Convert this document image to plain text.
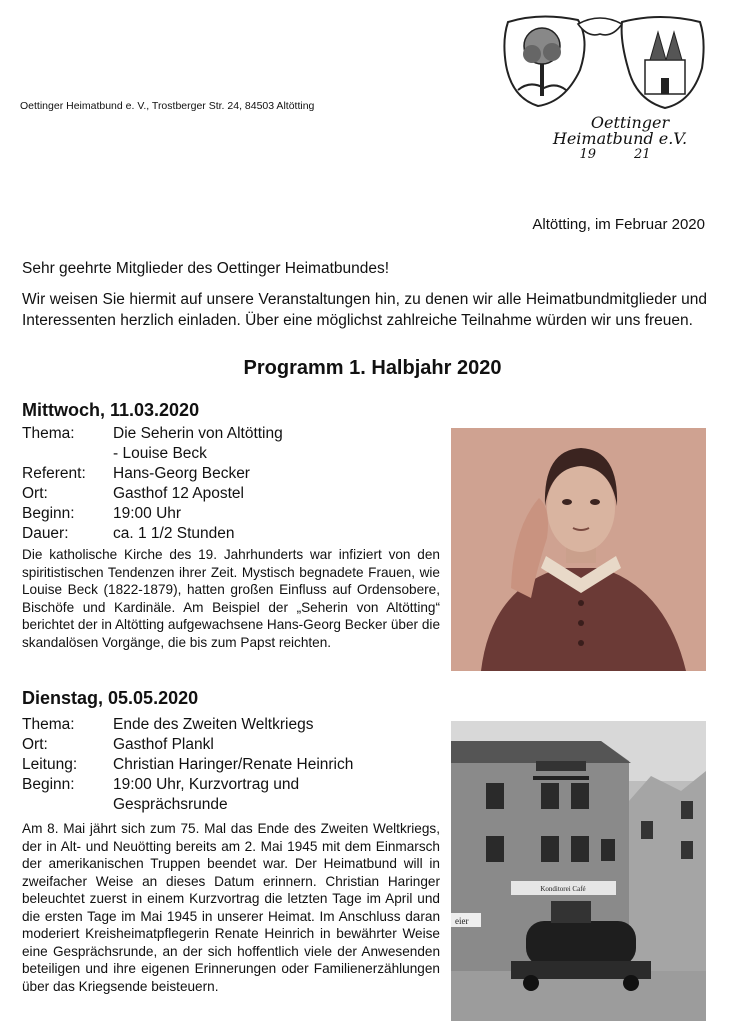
Oettinger Heimatbund e. V., Trostberger Str. 24, 84503 Altötting
Oettinger
Heimatbund e.V.
19	21
Altötting, im Februar 2020
Sehr geehrte Mitglieder des Oettinger Heimatbundes!
Wir weisen Sie hiermit auf unsere Veranstaltungen hin, zu denen wir alle Heimatbundmitglieder und Interessenten herzlich einladen. Über eine möglichst zahlreiche Teilnahme würden wir uns freuen.
Programm 1. Halbjahr 2020
Mittwoch, 11.03.2020
Thema:	Die Seherin von Altötting
	- Louise Beck
Referent:	Hans-Georg Becker
Ort:	Gasthof 12 Apostel
Beginn:	19:00 Uhr
Dauer:	ca. 1 1/2 Stunden
Die katholische Kirche des 19. Jahrhunderts war infiziert von den spiritistischen Tendenzen ihrer Zeit. Mystisch begnadete Frauen, wie Louise Beck (1822-1879), hatten großen Einfluss auf Ordensobere, Bischöfe und Kardinäle. Am Beispiel der „Seherin von Altötting“ berichtet der in Altötting aufgewachsene Hans-Georg Becker über die skandalösen Vorgänge, die bis zum Papst reichten.
Dienstag, 05.05.2020
Thema:	Ende des Zweiten Weltkriegs
Ort:	Gasthof Plankl
Leitung:	Christian Haringer/Renate Heinrich
Beginn:	19:00 Uhr, Kurzvortrag und
	Gesprächsrunde
Am 8. Mai jährt sich zum 75. Mal das Ende des Zweiten Weltkriegs, der in Alt- und Neuötting bereits am 2. Mai 1945 mit dem Einmarsch der amerikanischen Truppen beendet war. Der Heimatbund will in zweifacher Weise an dieses Datum erinnern. Christian Haringer beleuchtet zuerst in einem Kurzvortrag die letzten Tage im April und die ersten Tage im Mai 1945 in unserer Heimat. Im Anschluss daran moderiert Kreisheimatpflegerin Renate Heinrich in bewährter Weise eine Gesprächsrunde, an der sich hoffentlich viele der Anwesenden beteiligen und ihre eigenen Erinnerungen oder Familienerzählungen über das Kriegsende beisteuern.
Konditorei Café
eier
